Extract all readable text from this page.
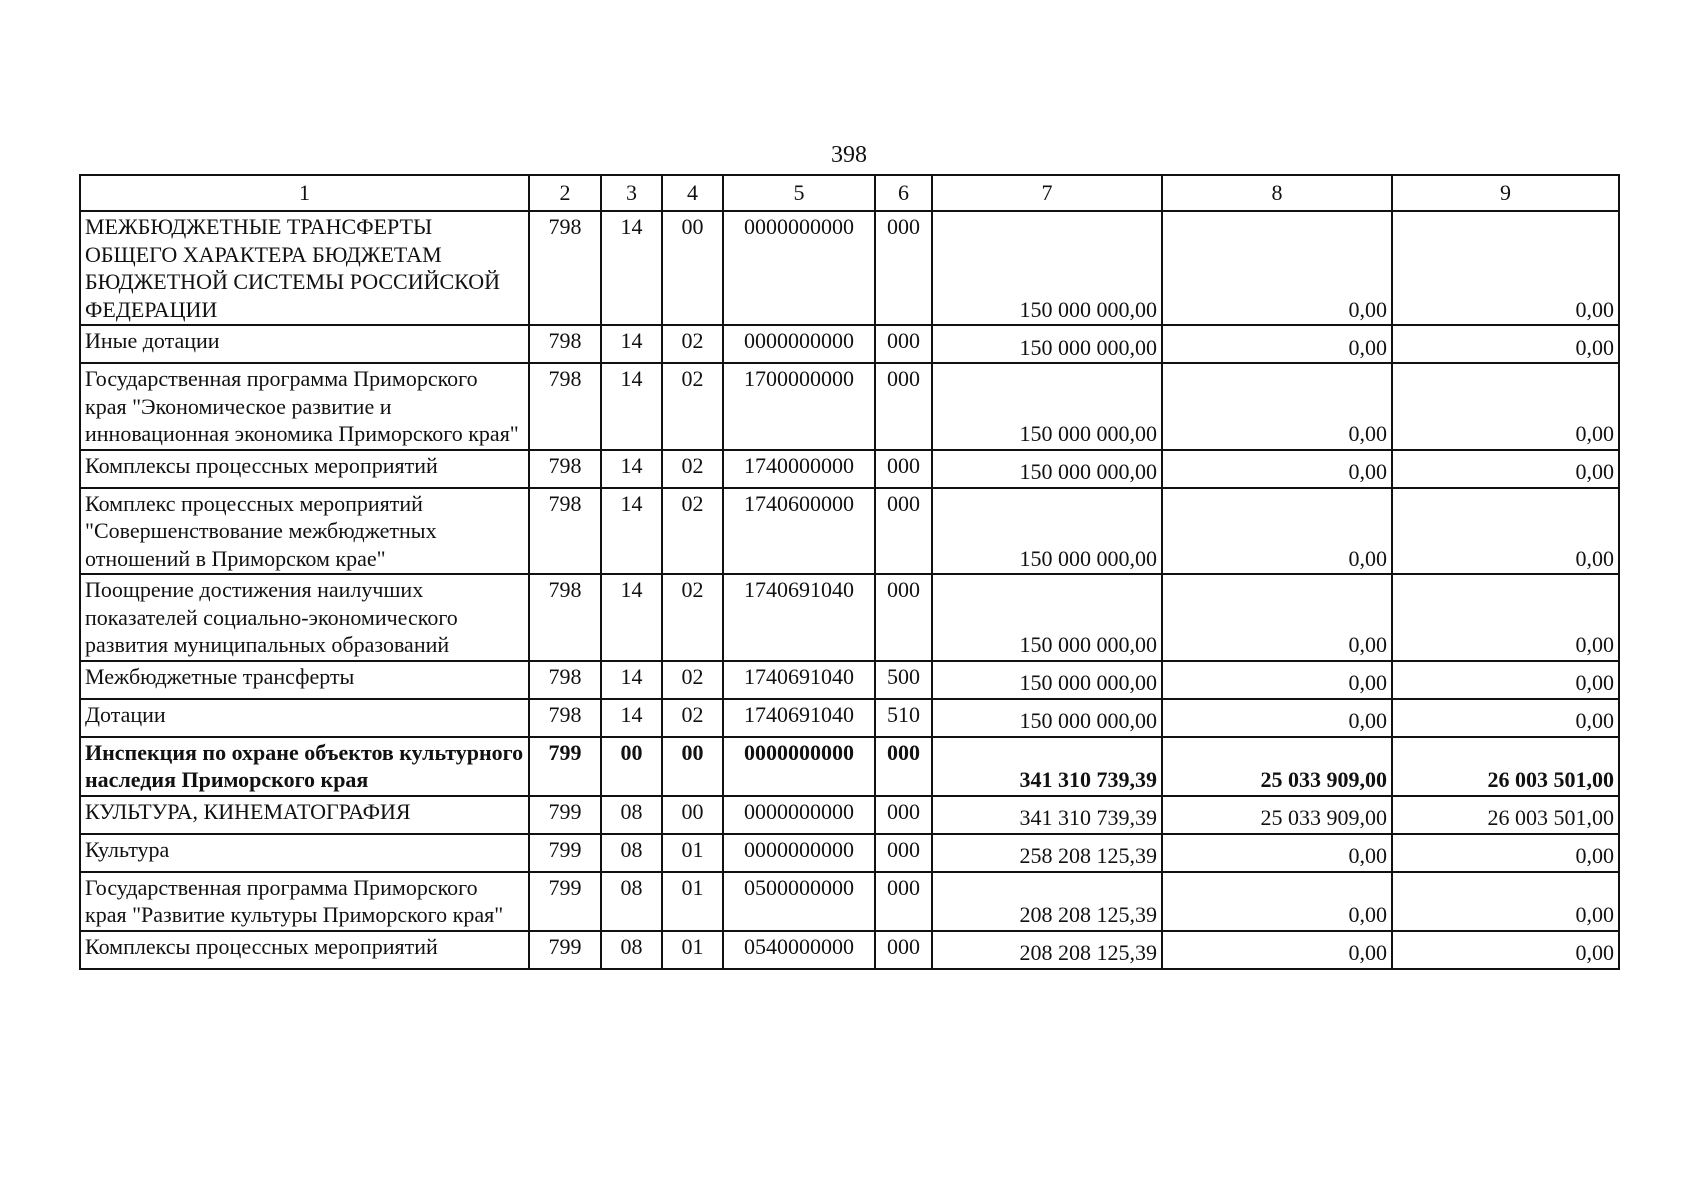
398
1	2	3	4	5	6	7	8	9
МЕЖБЮДЖЕТНЫЕ ТРАНСФЕРТЫ ОБЩЕГО ХАРАКТЕРА БЮДЖЕТАМ БЮДЖЕТНОЙ СИСТЕМЫ РОССИЙСКОЙ ФЕДЕРАЦИИ	798	14	00	0000000000	000	150 000 000,00	0,00	0,00
Иные дотации	798	14	02	0000000000	000	150 000 000,00	0,00	0,00
Государственная программа Приморского края "Экономическое развитие и инновационная экономика Приморского края"	798	14	02	1700000000	000	150 000 000,00	0,00	0,00
Комплексы процессных мероприятий	798	14	02	1740000000	000	150 000 000,00	0,00	0,00
Комплекс процессных мероприятий "Совершенствование межбюджетных отношений в Приморском крае"	798	14	02	1740600000	000	150 000 000,00	0,00	0,00
Поощрение достижения наилучших показателей социально-экономического развития муниципальных образований	798	14	02	1740691040	000	150 000 000,00	0,00	0,00
Межбюджетные трансферты	798	14	02	1740691040	500	150 000 000,00	0,00	0,00
Дотации	798	14	02	1740691040	510	150 000 000,00	0,00	0,00
Инспекция по охране объектов культурного наследия Приморского края	799	00	00	0000000000	000	341 310 739,39	25 033 909,00	26 003 501,00
КУЛЬТУРА, КИНЕМАТОГРАФИЯ	799	08	00	0000000000	000	341 310 739,39	25 033 909,00	26 003 501,00
Культура	799	08	01	0000000000	000	258 208 125,39	0,00	0,00
Государственная программа Приморского края "Развитие культуры Приморского края"	799	08	01	0500000000	000	208 208 125,39	0,00	0,00
Комплексы процессных мероприятий	799	08	01	0540000000	000	208 208 125,39	0,00	0,00
